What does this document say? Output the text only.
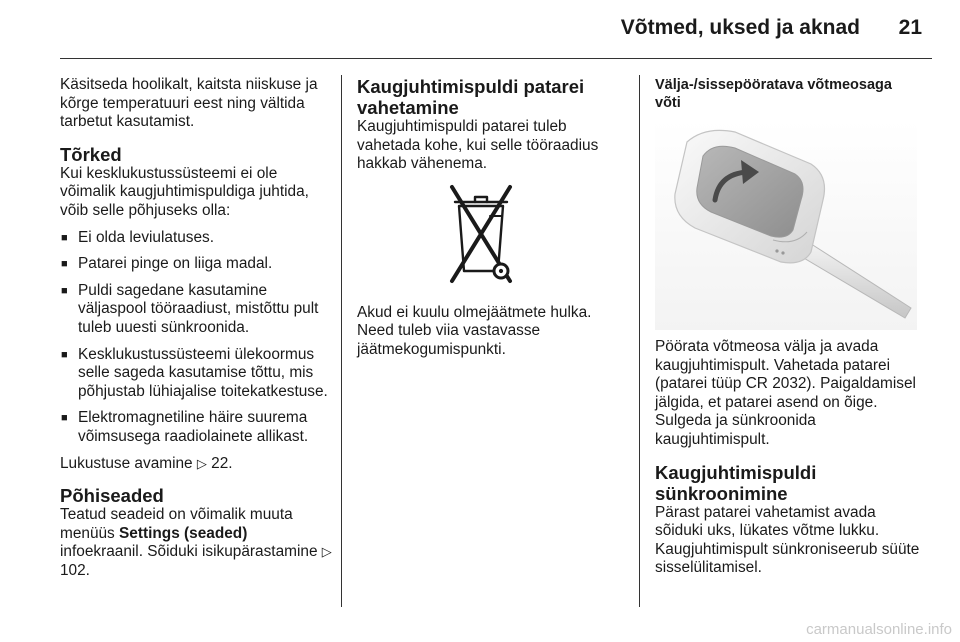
Võtmed, uksed ja aknad 21

Käsitseda hoolikalt, kaitsta niiskuse ja kõrge temperatuuri eest ning vältida tarbetut kasutamist.

Tõrked

Kui kesklukustussüsteemi ei ole võimalik kaugjuhtimispuldiga juhtida, võib selle põhjuseks olla:

■ Ei olda leviulatuses.
■ Patarei pinge on liiga madal.
■ Puldi sagedane kasutamine väljaspool tööraadiust, mistõttu pult tuleb uuesti sünkroonida.
■ Kesklukustussüsteemi ülekoormus selle sageda kasutamise tõttu, mis põhjustab lühiajalise toitekatkestuse.
■ Elektromagnetiline häire suurema võimsusega raadiolainete allikast.

Lukustuse avamine ▷ 22.

Põhiseaded

Teatud seadeid on võimalik muuta menüüs Settings (seaded) infoekraanil. Sõiduki isikupärastamine ▷ 102.

Kaugjuhtimispuldi patarei vahetamine

Kaugjuhtimispuldi patarei tuleb vahetada kohe, kui selle tööraadius hakkab vähenema.

Akud ei kuulu olmejäätmete hulka. Need tuleb viia vastavasse jäätmekogumispunkti.

Välja-/sissepööratava võtmeosaga võti

Pöörata võtmeosa välja ja avada kaugjuhtimispult. Vahetada patarei (patarei tüüp CR 2032). Paigaldamisel jälgida, et patarei asend on õige. Sulgeda ja sünkroonida kaugjuhtimispult.

Kaugjuhtimispuldi sünkroonimine

Pärast patarei vahetamist avada sõiduki uks, lükates võtme lukku. Kaugjuhtimispult sünkroniseerub süüte sisselülitamisel.

carmanualsonline.info
